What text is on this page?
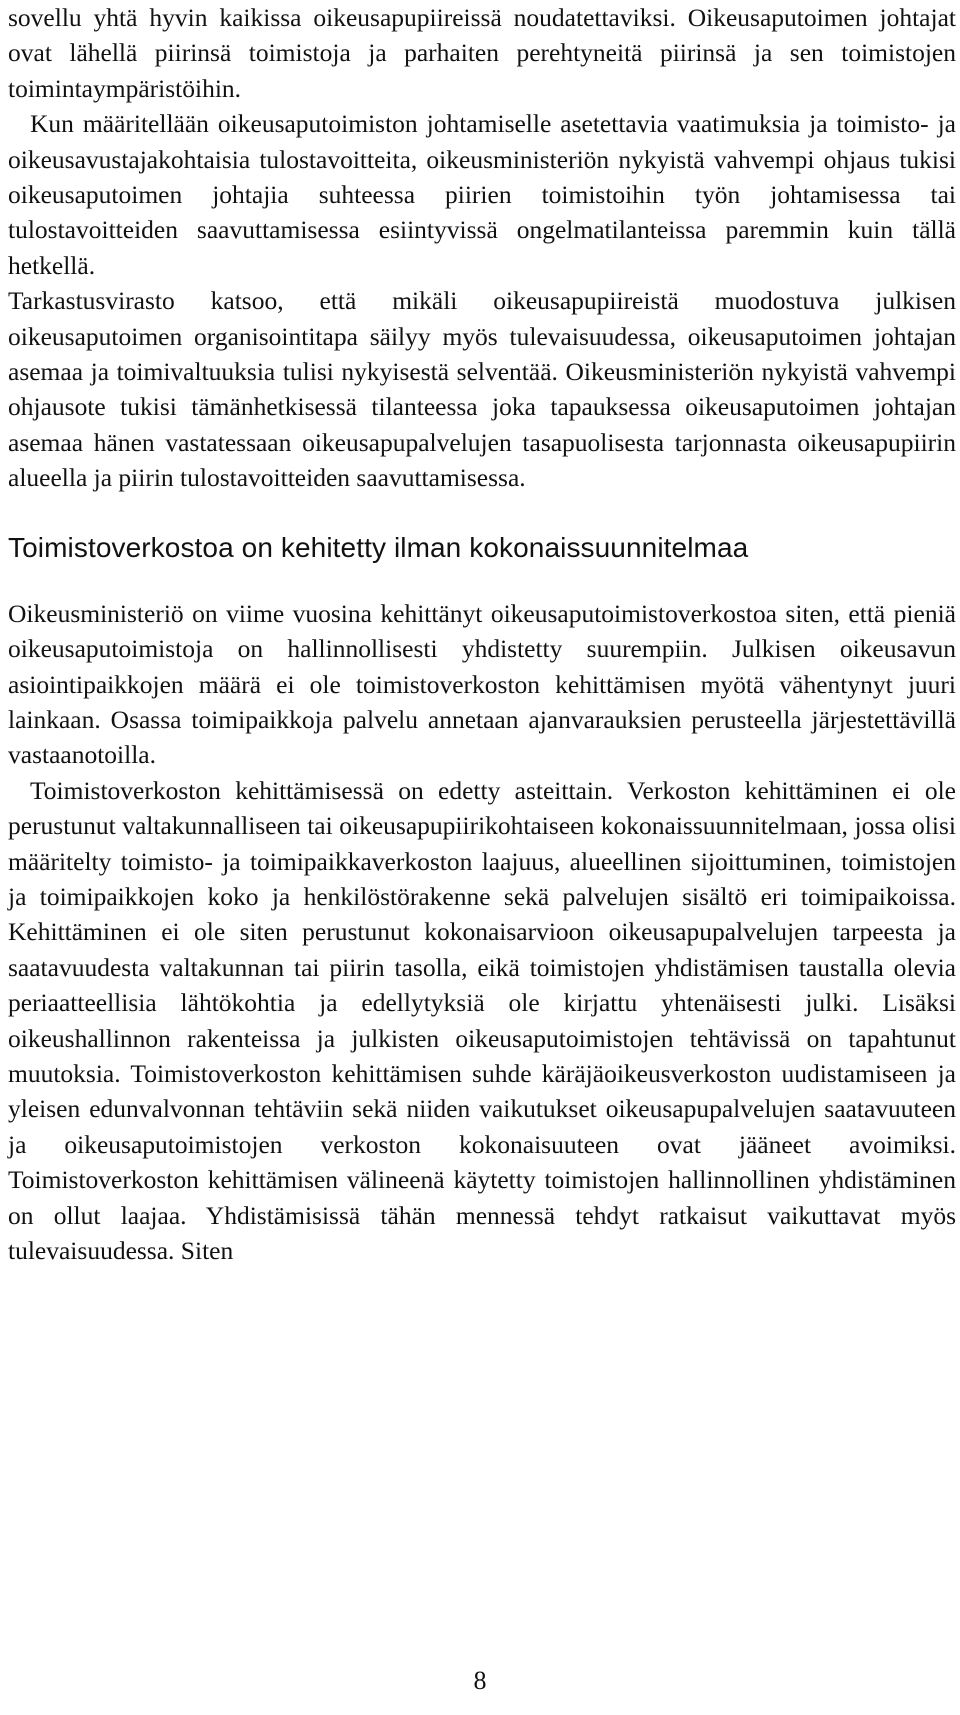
sovellu yhtä hyvin kaikissa oikeusapupiireissä noudatettaviksi. Oikeusaputoimen johtajat ovat lähellä piirinsä toimistoja ja parhaiten perehtyneitä piirinsä ja sen toimistojen toimintaympäristöihin.

Kun määritellään oikeusaputoimiston johtamiselle asetettavia vaatimuksia ja toimisto- ja oikeusavustajakohtaisia tulostavoitteita, oikeusministeriön nykyistä vahvempi ohjaus tukisi oikeusaputoimen johtajia suhteessa piirien toimistoihin työn johtamisessa tai tulostavoitteiden saavuttamisessa esiintyvissä ongelmatilanteissa paremmin kuin tällä hetkellä.

Tarkastusvirasto katsoo, että mikäli oikeusapupiireistä muodostuva julkisen oikeusaputoimen organisointitapa säilyy myös tulevaisuudessa, oikeusaputoimen johtajan asemaa ja toimivaltuuksia tulisi nykyisestä selventää. Oikeusministeriön nykyistä vahvempi ohjausote tukisi tämänhetkisessä tilanteessa joka tapauksessa oikeusaputoimen johtajan asemaa hänen vastatessaan oikeusapupalvelujen tasapuolisesta tarjonnasta oikeusapupiirin alueella ja piirin tulostavoitteiden saavuttamisessa.

Toimistoverkostoa on kehitetty ilman kokonaissuunnitelmaa

Oikeusministeriö on viime vuosina kehittänyt oikeusaputoimistoverkostoa siten, että pieniä oikeusaputoimistoja on hallinnollisesti yhdistetty suurempiin. Julkisen oikeusavun asiointipaikkojen määrä ei ole toimistoverkoston kehittämisen myötä vähentynyt juuri lainkaan. Osassa toimipaikkoja palvelu annetaan ajanvarauksien perusteella järjestettävillä vastaanotoilla.

Toimistoverkoston kehittämisessä on edetty asteittain. Verkoston kehittäminen ei ole perustunut valtakunnalliseen tai oikeusapupiirikohtaiseen kokonaissuunnitelmaan, jossa olisi määritelty toimisto- ja toimipaikkaverkoston laajuus, alueellinen sijoittuminen, toimistojen ja toimipaikkojen koko ja henkilöstörakenne sekä palvelujen sisältö eri toimipaikoissa. Kehittäminen ei ole siten perustunut kokonaisarvioon oikeusapupalvelujen tarpeesta ja saatavuudesta valtakunnan tai piirin tasolla, eikä toimistojen yhdistämisen taustalla olevia periaatteellisia lähtökohtia ja edellytyksiä ole kirjattu yhtenäisesti julki. Lisäksi oikeushallinnon rakenteissa ja julkisten oikeusaputoimistojen tehtävissä on tapahtunut muutoksia. Toimistoverkoston kehittämisen suhde käräjäoikeusverkoston uudistamiseen ja yleisen edunvalvonnan tehtäviin sekä niiden vaikutukset oikeusapupalvelujen saatavuuteen ja oikeusaputoimistojen verkoston kokonaisuuteen ovat jääneet avoimiksi. Toimistoverkoston kehittämisen välineenä käytetty toimistojen hallinnollinen yhdistäminen on ollut laajaa. Yhdistämisissä tähän mennessä tehdyt ratkaisut vaikuttavat myös tulevaisuudessa. Siten

8
